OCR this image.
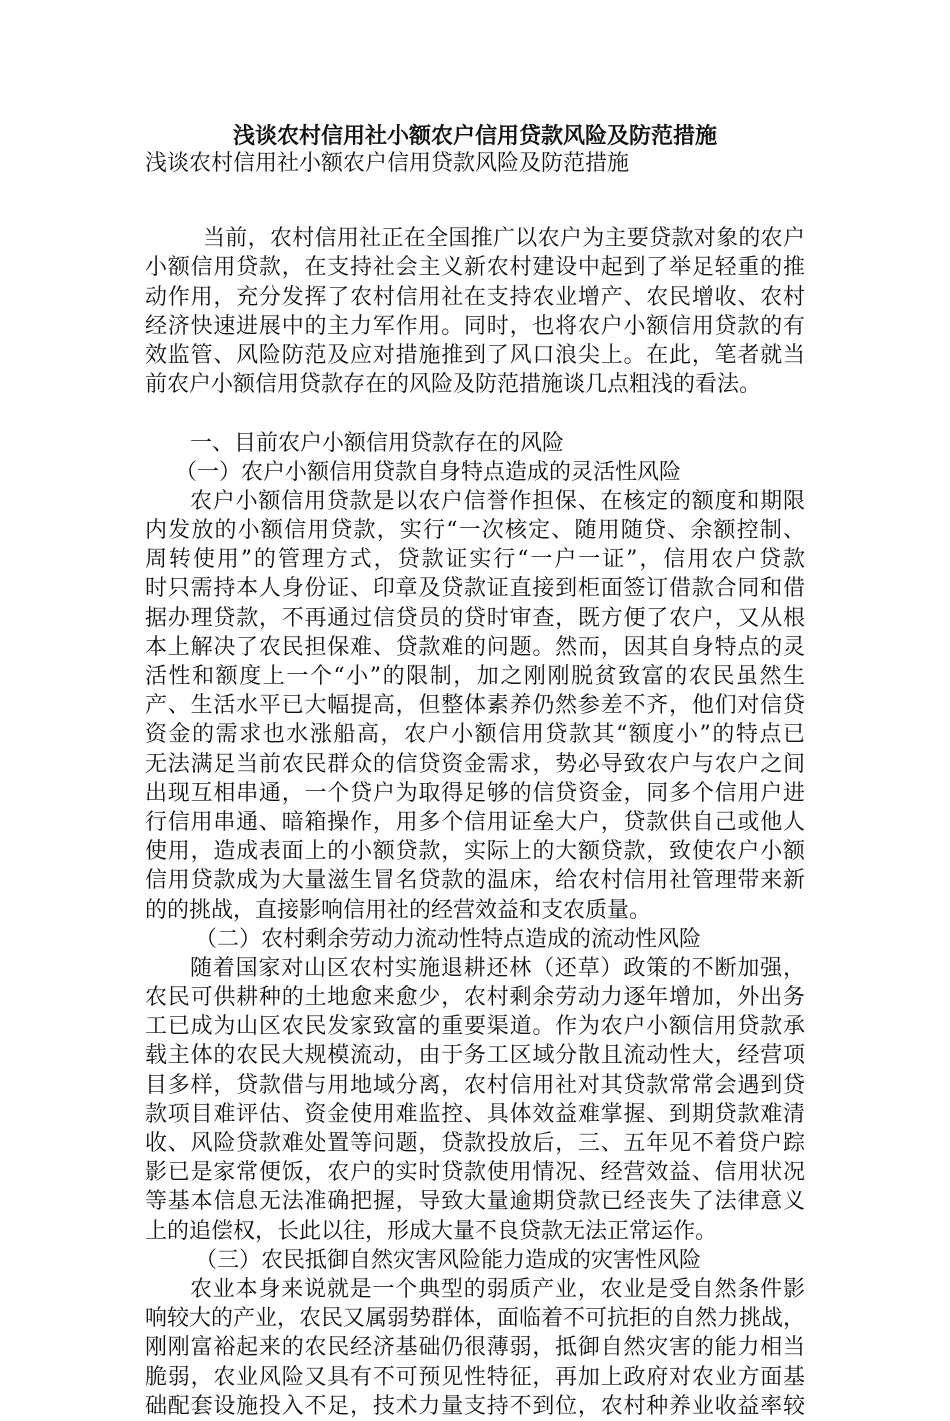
浅谈农村信用社小额农户信用贷款风险及防范措施

浅谈农村信用社小额农户信用贷款风险及防范措施

当前，农村信用社正在全国推广以农户为主要贷款对象的农户
小额信用贷款，在支持社会主义新农村建设中起到了举足轻重的推
动作用，充分发挥了农村信用社在支持农业增产、农民增收、农村
经济快速进展中的主力军作用。同时，也将农户小额信用贷款的有
效监管、风险防范及应对措施推到了风口浪尖上。在此，笔者就当
前农户小额信用贷款存在的风险及防范措施谈几点粗浅的看法。
一、目前农户小额信用贷款存在的风险
（一）农户小额信用贷款自身特点造成的灵活性风险
农户小额信用贷款是以农户信誉作担保、在核定的额度和期限
内发放的小额信用贷款，实行“一次核定、随用随贷、余额控制、
周转使用”的管理方式，贷款证实行“一户一证”，信用农户贷款
时只需持本人身份证、印章及贷款证直接到柜面签订借款合同和借
据办理贷款，不再通过信贷员的贷时审查，既方便了农户，又从根
本上解决了农民担保难、贷款难的问题。然而，因其自身特点的灵
活性和额度上一个“小”的限制，加之刚刚脱贫致富的农民虽然生
产、生活水平已大幅提高，但整体素养仍然参差不齐，他们对信贷
资金的需求也水涨船高，农户小额信用贷款其“额度小”的特点已
无法满足当前农民群众的信贷资金需求，势必导致农户与农户之间
出现互相串通，一个贷户为取得足够的信贷资金，同多个信用户进
行信用串通、暗箱操作，用多个信用证垒大户，贷款供自己或他人
使用，造成表面上的小额贷款，实际上的大额贷款，致使农户小额
信用贷款成为大量滋生冒名贷款的温床，给农村信用社管理带来新
的的挑战，直接影响信用社的经营效益和支农质量。
（二）农村剩余劳动力流动性特点造成的流动性风险
随着国家对山区农村实施退耕还林（还草）政策的不断加强，
农民可供耕种的土地愈来愈少，农村剩余劳动力逐年增加，外出务
工已成为山区农民发家致富的重要渠道。作为农户小额信用贷款承
载主体的农民大规模流动，由于务工区域分散且流动性大，经营项
目多样，贷款借与用地域分离，农村信用社对其贷款常常会遇到贷
款项目难评估、资金使用难监控、具体效益难掌握、到期贷款难清
收、风险贷款难处置等问题，贷款投放后，三、五年见不着贷户踪
影已是家常便饭，农户的实时贷款使用情况、经营效益、信用状况
等基本信息无法准确把握，导致大量逾期贷款已经丧失了法律意义
上的追偿权，长此以往，形成大量不良贷款无法正常运作。
（三）农民抵御自然灾害风险能力造成的灾害性风险
农业本身来说就是一个典型的弱质产业，农业是受自然条件影
响较大的产业，农民又属弱势群体，面临着不可抗拒的自然力挑战，
刚刚富裕起来的农民经济基础仍很薄弱，抵御自然灾害的能力相当
脆弱，农业风险又具有不可预见性特征，再加上政府对农业方面基
础配套设施投入不足，技术力量支持不到位，农村种养业收益率较
